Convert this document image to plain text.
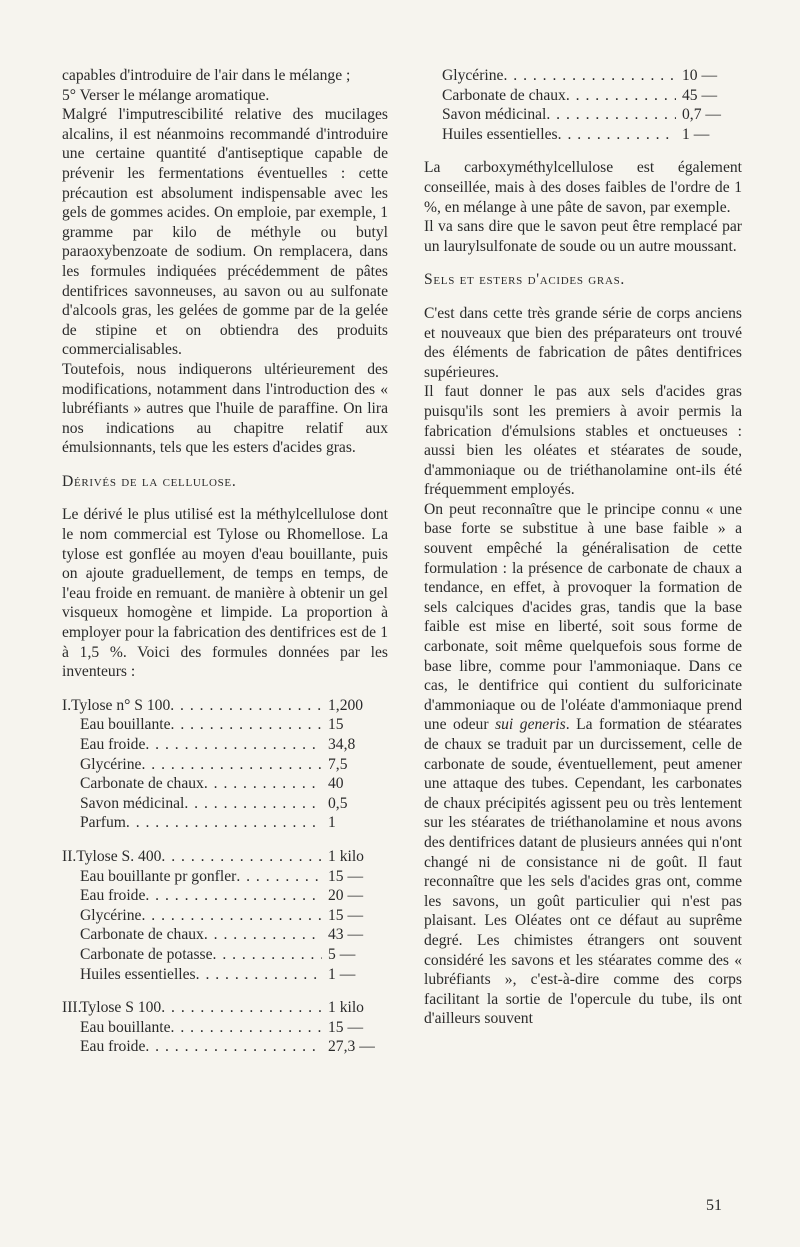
capables d'introduire de l'air dans le mélange ;

5° Verser le mélange aromatique.

Malgré l'imputrescibilité relative des mucilages alcalins, il est néanmoins recommandé d'introduire une certaine quantité d'antiseptique capable de prévenir les fermentations éventuelles : cette précaution est absolument indispensable avec les gels de gommes acides. On emploie, par exemple, 1 gramme par kilo de méthyle ou butyl paraoxybenzoate de sodium. On remplacera, dans les formules indiquées précédemment de pâtes dentifrices savonneuses, au savon ou au sulfonate d'alcools gras, les gelées de gomme par de la gelée de stipine et on obtiendra des produits commercialisables.

Toutefois, nous indiquerons ultérieurement des modifications, notamment dans l'introduction des « lubréfiants » autres que l'huile de paraffine. On lira nos indications au chapitre relatif aux émulsionnants, tels que les esters d'acides gras.

Dérivés de la cellulose.

Le dérivé le plus utilisé est la méthylcellulose dont le nom commercial est Tylose ou Rhomellose. La tylose est gonflée au moyen d'eau bouillante, puis on ajoute graduellement, de temps en temps, de l'eau froide en remuant. de manière à obtenir un gel visqueux homogène et limpide. La proportion à employer pour la fabrication des dentifrices est de 1 à 1,5 %. Voici des formules données par les inventeurs :

I. Tylose n° S 100 . . .	1,200
Eau bouillante . . .	15
Eau froide . . .	34,8
Glycérine . . .	7,5
Carbonate de chaux . . .	40
Savon médicinal . . .	0,5
Parfum . . .	1
II. Tylose S. 400 . . .	1 kilo
Eau bouillante pr gonfler . . .	15 —
Eau froide . . .	20 —
Glycérine . . .	15 —
Carbonate de chaux . . .	43 —
Carbonate de potasse . . .	5 —
Huiles essentielles . . .	1 —
III.
Tylose S 100 . . .	1 kilo
Eau bouillante . . .	15 —
Eau froide . . .	27,3 —
Glycérine . . .	10 —
Carbonate de chaux . . .	45 —
Savon médicinal . . .	0,7 —
Huiles essentielles . . .	1 —

La carboxyméthylcellulose est également conseillée, mais à des doses faibles de l'ordre de 1 %, en mélange à une pâte de savon, par exemple.

Il va sans dire que le savon peut être remplacé par un laurylsulfonate de soude ou un autre moussant.

Sels et esters d'acides gras.

C'est dans cette très grande série de corps anciens et nouveaux que bien des préparateurs ont trouvé des éléments de fabrication de pâtes dentifrices supérieures.

Il faut donner le pas aux sels d'acides gras puisqu'ils sont les premiers à avoir permis la fabrication d'émulsions stables et onctueuses : aussi bien les oléates et stéarates de soude, d'ammoniaque ou de triéthanolamine ont-ils été fréquemment employés.

On peut reconnaître que le principe connu « une base forte se substitue à une base faible » a souvent empêché la généralisation de cette formulation : la présence de carbonate de chaux a tendance, en effet, à provoquer la formation de sels calciques d'acides gras, tandis que la base faible est mise en liberté, soit sous forme de carbonate, soit même quelquefois sous forme de base libre, comme pour l'ammoniaque. Dans ce cas, le dentifrice qui contient du sulforicinate d'ammoniaque ou de l'oléate d'ammoniaque prend une odeur sui generis. La formation de stéarates de chaux se traduit par un durcissement, celle de carbonate de soude, éventuellement, peut amener une attaque des tubes. Cependant, les carbonates de chaux précipités agissent peu ou très lentement sur les stéarates de triéthanolamine et nous avons des dentifrices datant de plusieurs années qui n'ont changé ni de consistance ni de goût. Il faut reconnaître que les sels d'acides gras ont, comme les savons, un goût particulier qui n'est pas plaisant. Les Oléates ont ce défaut au suprême degré. Les chimistes étrangers ont souvent considéré les savons et les stéarates comme des « lubréfiants », c'est-à-dire comme des corps facilitant la sortie de l'opercule du tube, ils ont d'ailleurs souvent

51
